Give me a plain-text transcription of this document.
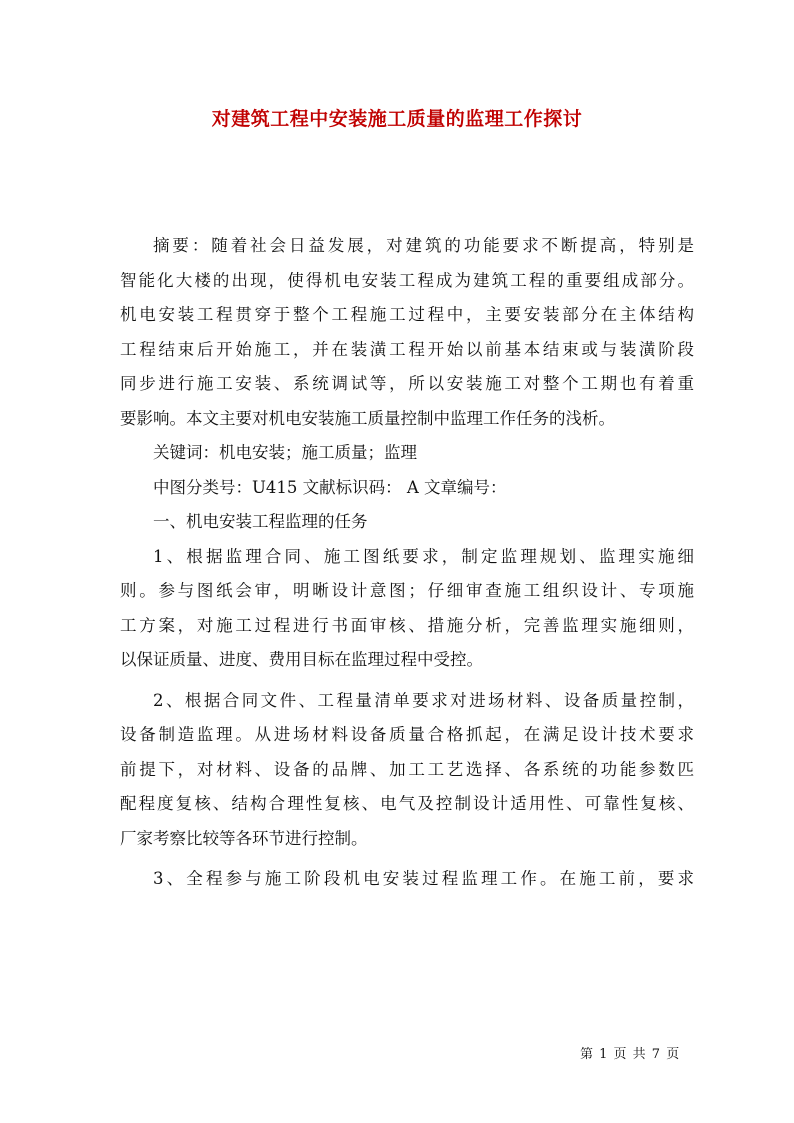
对建筑工程中安装施工质量的监理工作探讨

摘要：随着社会日益发展，对建筑的功能要求不断提高，特别是

智能化大楼的出现，使得机电安装工程成为建筑工程的重要组成部分。

机电安装工程贯穿于整个工程施工过程中，主要安装部分在主体结构

工程结束后开始施工，并在装潢工程开始以前基本结束或与装潢阶段

同步进行施工安装、系统调试等，所以安装施工对整个工期也有着重

要影响。本文主要对机电安装施工质量控制中监理工作任务的浅析。

关键词：机电安装；施工质量；监理

中图分类号：U415 文献标识码： A 文章编号：

一、机电安装工程监理的任务

1、根据监理合同、施工图纸要求，制定监理规划、监理实施细

则。参与图纸会审，明晰设计意图；仔细审查施工组织设计、专项施

工方案，对施工过程进行书面审核、措施分析，完善监理实施细则，

以保证质量、进度、费用目标在监理过程中受控。

2、根据合同文件、工程量清单要求对进场材料、设备质量控制，

设备制造监理。从进场材料设备质量合格抓起，在满足设计技术要求

前提下，对材料、设备的品牌、加工工艺选择、各系统的功能参数匹

配程度复核、结构合理性复核、电气及控制设计适用性、可靠性复核、

厂家考察比较等各环节进行控制。

3、全程参与施工阶段机电安装过程监理工作。在施工前，要求

第 1 页 共 7 页
